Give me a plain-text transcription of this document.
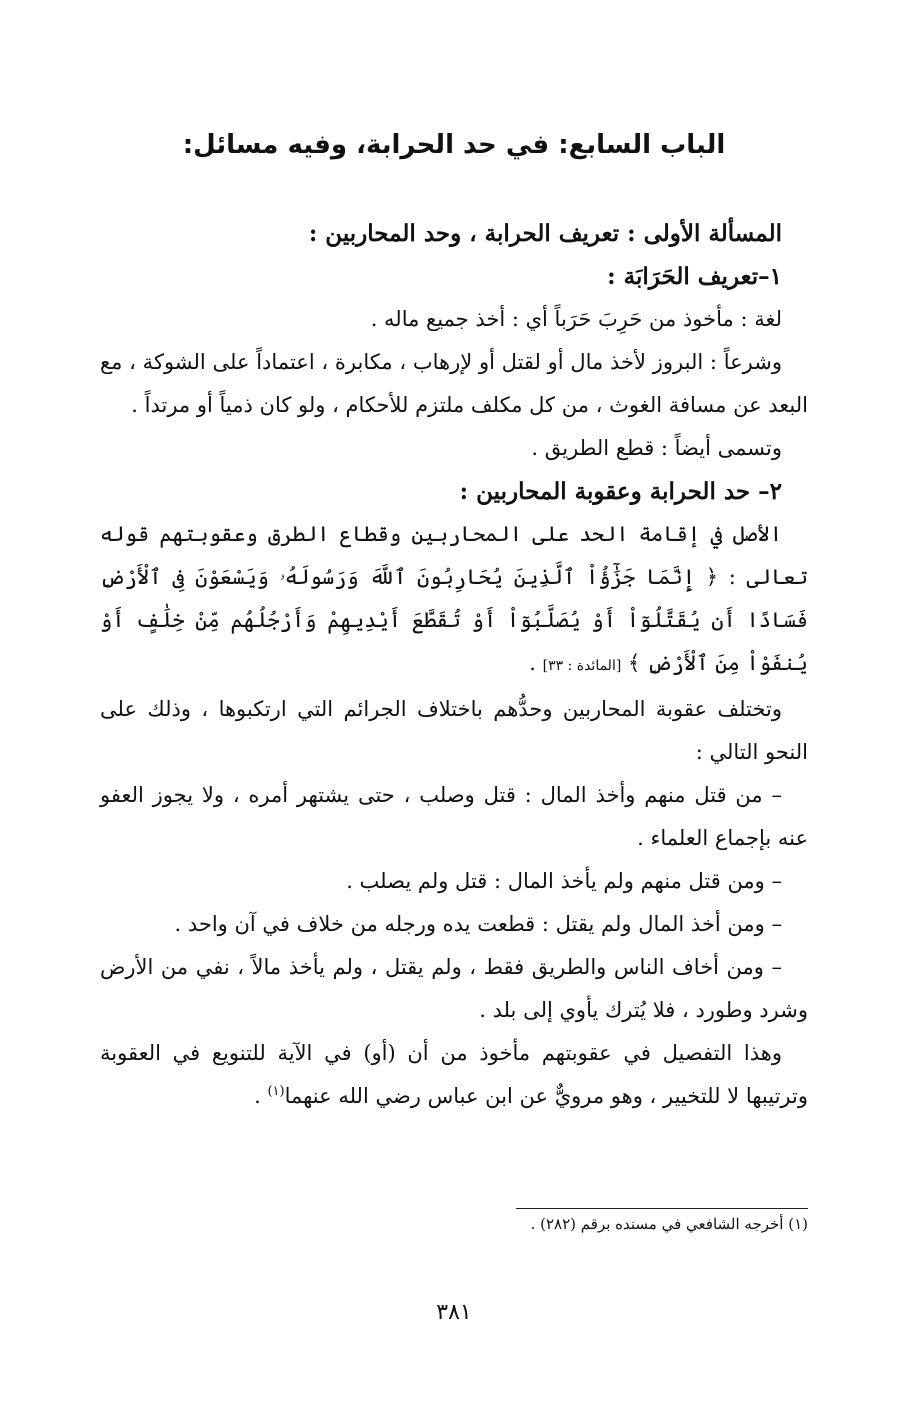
الباب السابع: في حد الحرابة، وفيه مسائل:

المسألة الأولى : تعريف الحرابة ، وحد المحاربين :

١–تعريف الحَرَابَة :

لغة : مأخوذ من حَرِبَ حَرَباً أي : أخذ جميع ماله .

وشرعاً : البروز لأخذ مال أو لقتل أو لإرهاب ، مكابرة ، اعتماداً على الشوكة ، مع البعد عن مسافة الغوث ، من كل مكلف ملتزم للأحكام ، ولو كان ذمياً أو مرتداً .

وتسمى أيضاً : قطع الطريق .

٢– حد الحرابة وعقوبة المحاربين :

الأصل في إقامة الحد على المحاربين وقطاع الطرق وعقوبتهم قوله تعالى : ﴿ إِنَّمَا جَزَٰٓؤُاْ ٱلَّذِينَ يُحَارِبُونَ ٱللَّهَ وَرَسُولَهُۥ وَيَسْعَوْنَ فِى ٱلْأَرْضِ فَسَادًا أَن يُقَتَّلُوٓاْ أَوْ يُصَلَّبُوٓاْ أَوْ تُقَطَّعَ أَيْدِيهِمْ وَأَرْجُلُهُم مِّنْ خِلَٰفٍ أَوْ يُنفَوْاْ مِنَ ٱلْأَرْضِ ﴾ [المائدة : ٣٣] .

وتختلف عقوبة المحاربين وحدُّهم باختلاف الجرائم التي ارتكبوها ، وذلك على النحو التالي :

– من قتل منهم وأخذ المال : قتل وصلب ، حتى يشتهر أمره ، ولا يجوز العفو عنه بإجماع العلماء .

– ومن قتل منهم ولم يأخذ المال : قتل ولم يصلب .

– ومن أخذ المال ولم يقتل : قطعت يده ورجله من خلاف في آن واحد .

– ومن أخاف الناس والطريق فقط ، ولم يقتل ، ولم يأخذ مالاً ، نفي من الأرض وشرد وطورد ، فلا يُترك يأوي إلى بلد .

وهذا التفصيل في عقوبتهم مأخوذ من أن (أو) في الآية للتنويع في العقوبة وترتيبها لا للتخيير ، وهو مرويٌّ عن ابن عباس رضي الله عنهما$^{(١)}$ .

(١) أخرجه الشافعي في مسنده برقم (٢٨٢) .
٣٨١
